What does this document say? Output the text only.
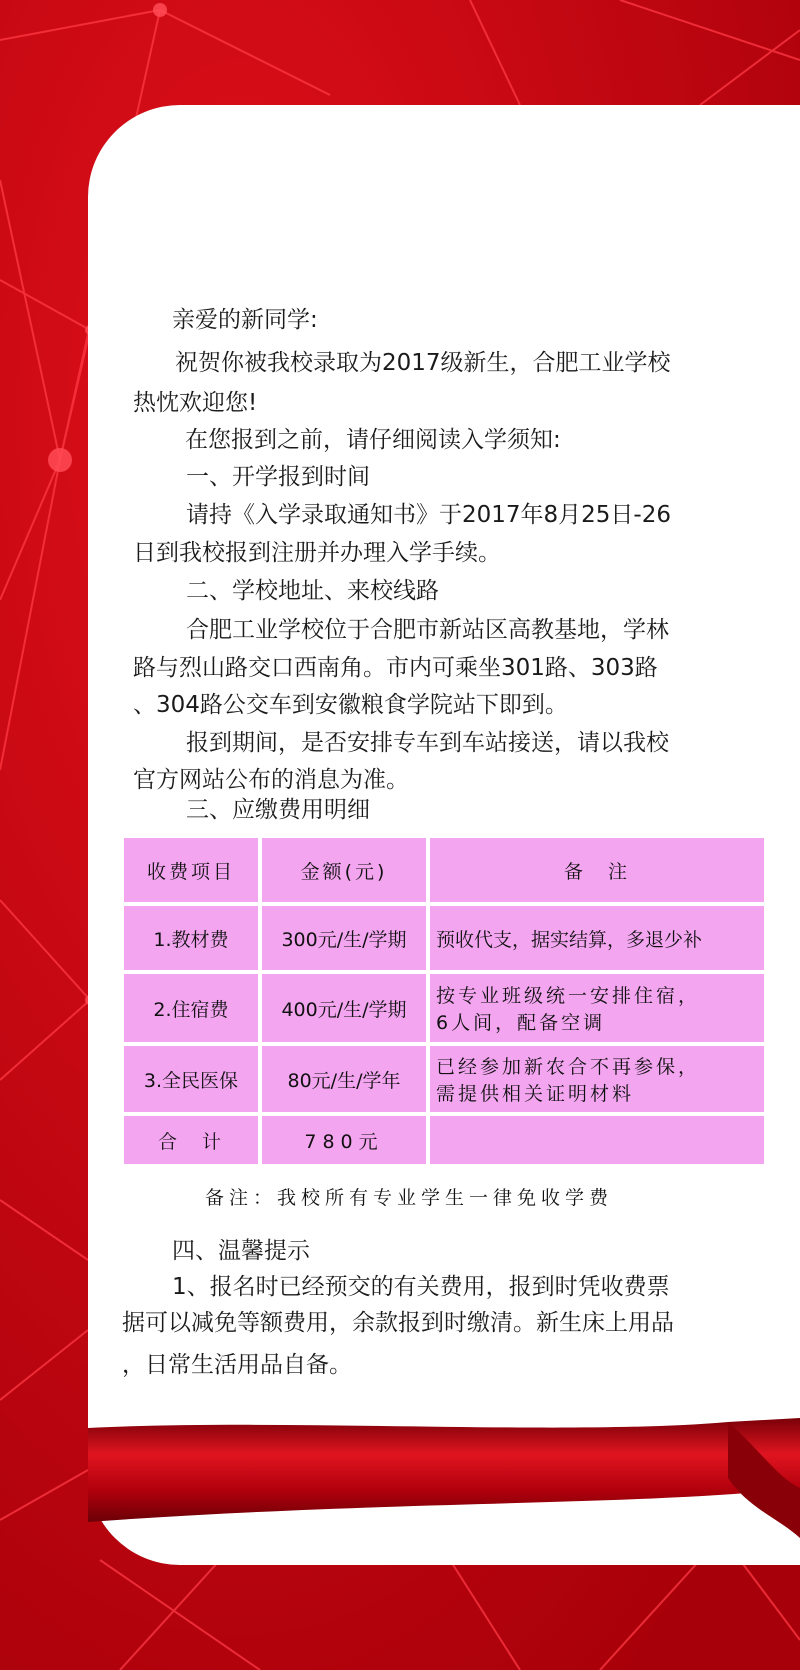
亲爱的新同学:
祝贺你被我校录取为2017级新生，合肥工业学校
热忱欢迎您!
在您报到之前，请仔细阅读入学须知:
一、开学报到时间
请持《入学录取通知书》于2017年8月25日-26
日到我校报到注册并办理入学手续。
二、学校地址、来校线路
合肥工业学校位于合肥市新站区高教基地，学林
路与烈山路交口西南角。市内可乘坐301路、303路
、304路公交车到安徽粮食学院站下即到。
报到期间，是否安排专车到车站接送，请以我校
官方网站公布的消息为准。
三、应缴费用明细
收费项目	金额(元)	备　注
1.教材费	300元/生/学期	预收代支，据实结算，多退少补

2.住宿费	400元/生/学期	按专业班级统一安排住宿，
6人间，配备空调

3.全民医保	80元/生/学年	已经参加新农合不再参保，
需提供相关证明材料

合　计	780元	
备注：我校所有专业学生一律免收学费
四、温馨提示
1、报名时已经预交的有关费用，报到时凭收费票
据可以减免等额费用，余款报到时缴清。新生床上用品
，日常生活用品自备。
